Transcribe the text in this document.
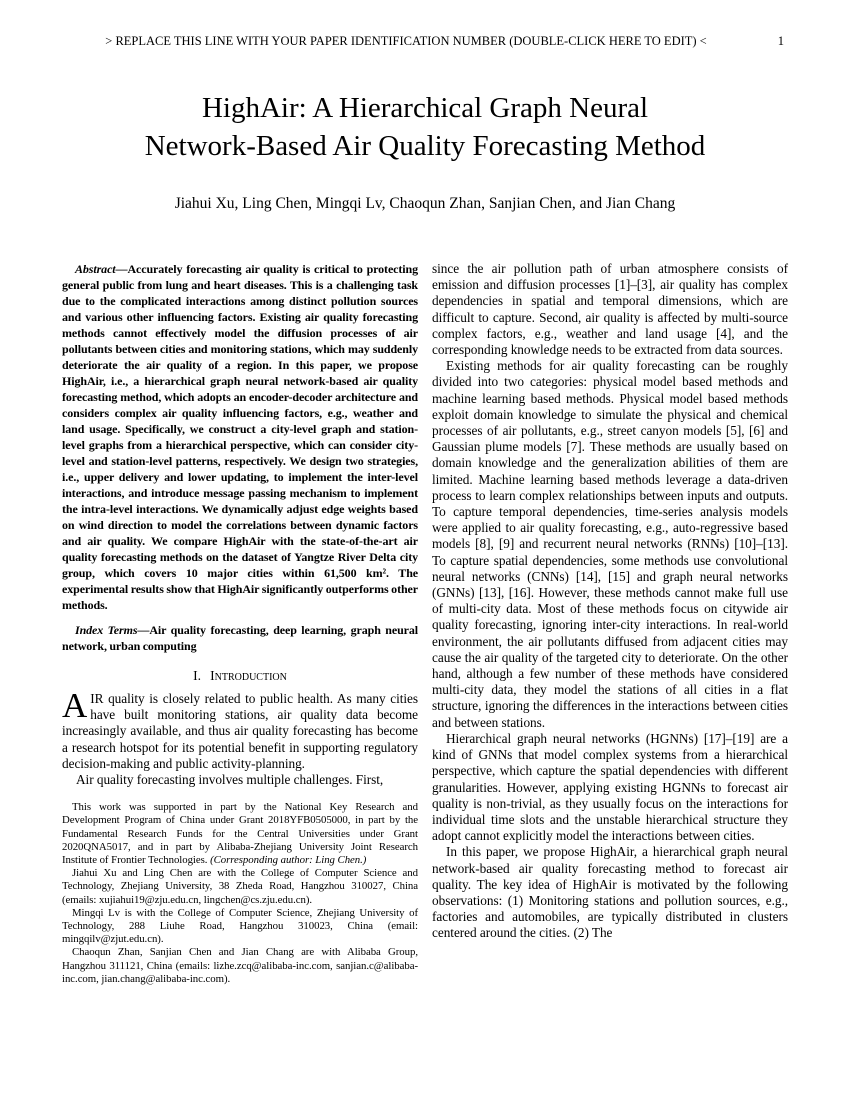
> REPLACE THIS LINE WITH YOUR PAPER IDENTIFICATION NUMBER (DOUBLE-CLICK HERE TO EDIT) <	1
HighAir: A Hierarchical Graph Neural
Network-Based Air Quality Forecasting Method
Jiahui Xu, Ling Chen, Mingqi Lv, Chaoqun Zhan, Sanjian Chen, and Jian Chang

Abstract—Accurately forecasting air quality is critical to protecting general public from lung and heart diseases. This is a challenging task due to the complicated interactions among distinct pollution sources and various other influencing factors. Existing air quality forecasting methods cannot effectively model the diffusion processes of air pollutants between cities and monitoring stations, which may suddenly deteriorate the air quality of a region. In this paper, we propose HighAir, i.e., a hierarchical graph neural network-based air quality forecasting method, which adopts an encoder-decoder architecture and considers complex air quality influencing factors, e.g., weather and land usage. Specifically, we construct a city-level graph and station-level graphs from a hierarchical perspective, which can consider city-level and station-level patterns, respectively. We design two strategies, i.e., upper delivery and lower updating, to implement the inter-level interactions, and introduce message passing mechanism to implement the intra-level interactions. We dynamically adjust edge weights based on wind direction to model the correlations between dynamic factors and air quality. We compare HighAir with the state-of-the-art air quality forecasting methods on the dataset of Yangtze River Delta city group, which covers 10 major cities within 61,500 km². The experimental results show that HighAir significantly outperforms other methods.

Index Terms—Air quality forecasting, deep learning, graph neural network, urban computing

I. Introduction

AIR quality is closely related to public health. As many cities have built monitoring stations, air quality data become increasingly available, and thus air quality forecasting has become a research hotspot for its potential benefit in supporting regulatory decision-making and public activity-planning.

Air quality forecasting involves multiple challenges. First,

This work was supported in part by the National Key Research and Development Program of China under Grant 2018YFB0505000, in part by the Fundamental Research Funds for the Central Universities under Grant 2020QNA5017, and in part by Alibaba-Zhejiang University Joint Research Institute of Frontier Technologies. (Corresponding author: Ling Chen.)

Jiahui Xu and Ling Chen are with the College of Computer Science and Technology, Zhejiang University, 38 Zheda Road, Hangzhou 310027, China (emails: xujiahui19@zju.edu.cn, lingchen@cs.zju.edu.cn).

Mingqi Lv is with the College of Computer Science, Zhejiang University of Technology, 288 Liuhe Road, Hangzhou 310023, China (email: mingqilv@zjut.edu.cn).

Chaoqun Zhan, Sanjian Chen and Jian Chang are with Alibaba Group, Hangzhou 311121, China (emails: lizhe.zcq@alibaba-inc.com, sanjian.c@alibaba-inc.com, jian.chang@alibaba-inc.com).

since the air pollution path of urban atmosphere consists of emission and diffusion processes [1]–[3], air quality has complex dependencies in spatial and temporal dimensions, which are difficult to capture. Second, air quality is affected by multi-source complex factors, e.g., weather and land usage [4], and the corresponding knowledge needs to be extracted from data sources.

Existing methods for air quality forecasting can be roughly divided into two categories: physical model based methods and machine learning based methods. Physical model based methods exploit domain knowledge to simulate the physical and chemical processes of air pollutants, e.g., street canyon models [5], [6] and Gaussian plume models [7]. These methods are usually based on domain knowledge and the generalization abilities of them are limited. Machine learning based methods leverage a data-driven process to learn complex relationships between inputs and outputs. To capture temporal dependencies, time-series analysis models were applied to air quality forecasting, e.g., auto-regressive based models [8], [9] and recurrent neural networks (RNNs) [10]–[13]. To capture spatial dependencies, some methods use convolutional neural networks (CNNs) [14], [15] and graph neural networks (GNNs) [13], [16]. However, these methods cannot make full use of multi-city data. Most of these methods focus on citywide air quality forecasting, ignoring inter-city interactions. In real-world environment, the air pollutants diffused from adjacent cities may cause the air quality of the targeted city to deteriorate. On the other hand, although a few number of these methods have considered multi-city data, they model the stations of all cities in a flat structure, ignoring the differences in the interactions between cities and between stations.

Hierarchical graph neural networks (HGNNs) [17]–[19] are a kind of GNNs that model complex systems from a hierarchical perspective, which capture the spatial dependencies with different granularities. However, applying existing HGNNs to forecast air quality is non-trivial, as they usually focus on the interactions for individual time slots and the unstable hierarchical structure they adopt cannot explicitly model the interactions between cities.

In this paper, we propose HighAir, a hierarchical graph neural network-based air quality forecasting method to forecast air quality. The key idea of HighAir is motivated by the following observations: (1) Monitoring stations and pollution sources, e.g., factories and automobiles, are typically distributed in clusters centered around the cities. (2) The
